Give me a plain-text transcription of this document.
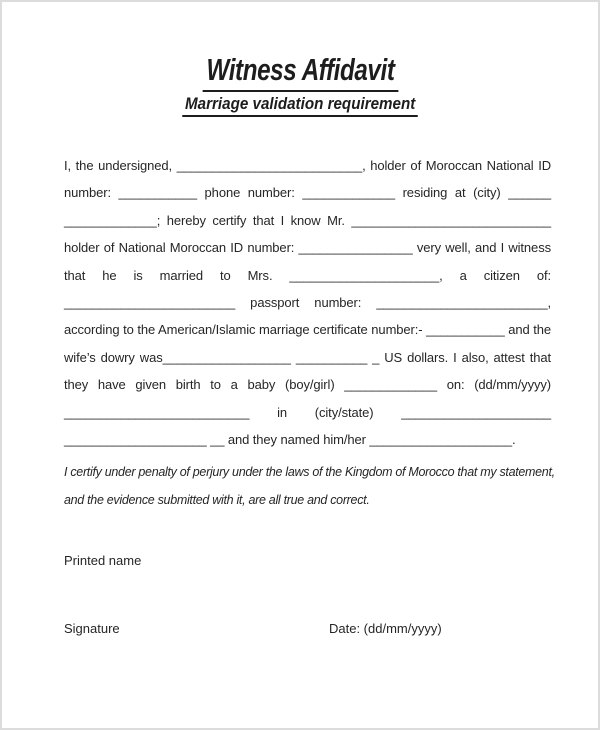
Witness Affidavit
Marriage validation requirement
I, the undersigned, __________________________, holder of Moroccan National ID
number: ___________ phone number: _____________ residing at (city) ______
_____________; hereby certify that I know Mr. ____________________________
holder of National Moroccan ID number: ________________ very well, and I witness
that he is married to Mrs. _____________________, a citizen of:
________________________ passport number: ________________________,
according to the American/Islamic marriage certificate number:- ___________ and the
wife’s dowry was__________________ __________ _ US dollars. I also, attest that
they have given birth to a baby (boy/girl) _____________ on: (dd/mm/yyyy)
__________________________ in (city/state) _____________________
____________________ __ and they named him/her ____________________.
I certify under penalty of perjury under the laws of the Kingdom of Morocco that my statement,
and the evidence submitted with it, are all true and correct.
Printed name
Signature	Date: (dd/mm/yyyy)
